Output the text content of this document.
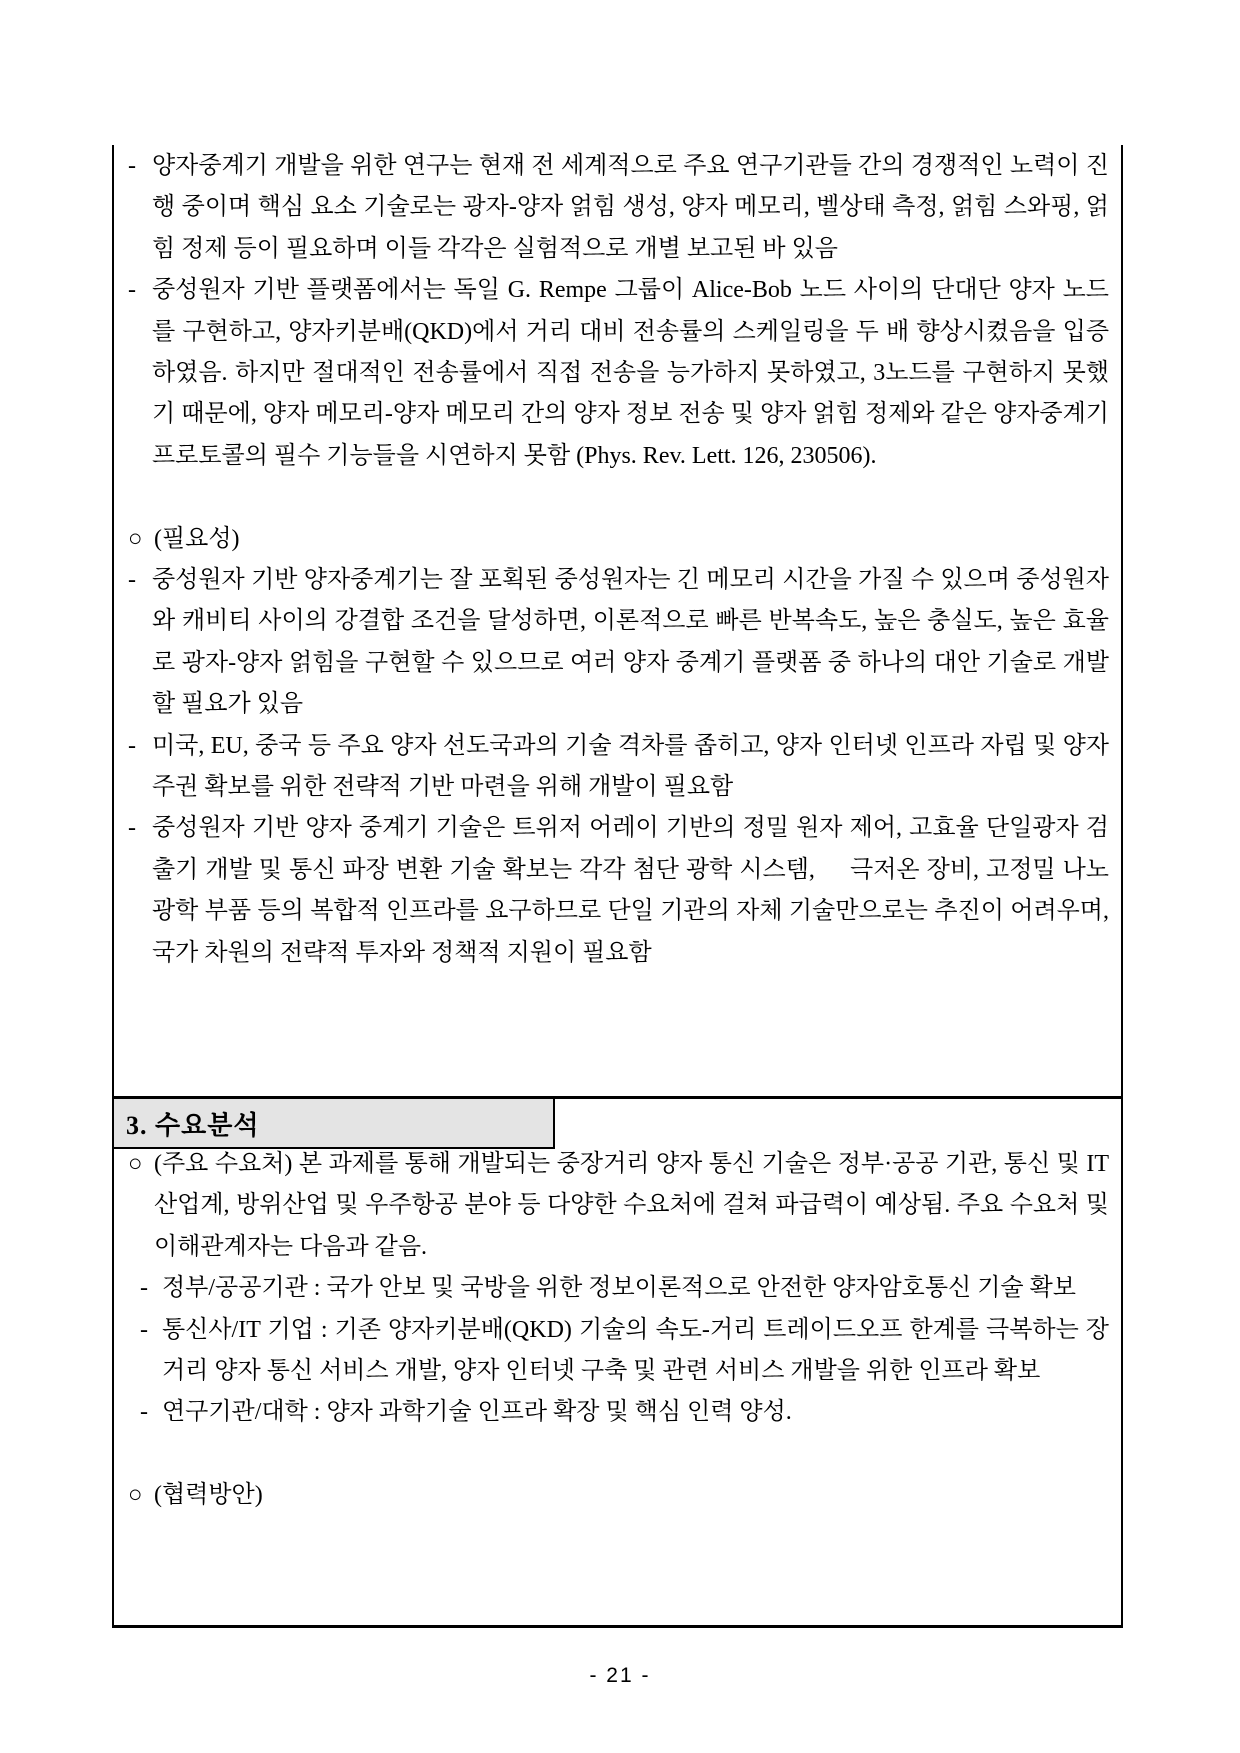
- 양자중계기 개발을 위한 연구는 현재 전 세계적으로 주요 연구기관들 간의 경쟁적인 노력이 진행 중이며 핵심 요소 기술로는 광자-양자 얽힘 생성, 양자 메모리, 벨상태 측정, 얽힘 스와핑, 얽힘 정제 등이 필요하며 이들 각각은 실험적으로 개별 보고된 바 있음

- 중성원자 기반 플랫폼에서는 독일 G. Rempe 그룹이 Alice-Bob 노드 사이의 단대단 양자 노드를 구현하고, 양자키분배(QKD)에서 거리 대비 전송률의 스케일링을 두 배 향상시켰음을 입증하였음. 하지만 절대적인 전송률에서 직접 전송을 능가하지 못하였고, 3노드를 구현하지 못했기 때문에, 양자 메모리-양자 메모리 간의 양자 정보 전송 및 양자 얽힘 정제와 같은 양자중계기 프로토콜의 필수 기능들을 시연하지 못함 (Phys. Rev. Lett. 126, 230506).

○ (필요성)

- 중성원자 기반 양자중계기는 잘 포획된 중성원자는 긴 메모리 시간을 가질 수 있으며 중성원자와 캐비티 사이의 강결합 조건을 달성하면, 이론적으로 빠른 반복속도, 높은 충실도, 높은 효율로 광자-양자 얽힘을 구현할 수 있으므로 여러 양자 중계기 플랫폼 중 하나의 대안 기술로 개발할 필요가 있음

- 미국, EU, 중국 등 주요 양자 선도국과의 기술 격차를 좁히고, 양자 인터넷 인프라 자립 및 양자 주권 확보를 위한 전략적 기반 마련을 위해 개발이 필요함

- 중성원자 기반 양자 중계기 기술은 트위저 어레이 기반의 정밀 원자 제어, 고효율 단일광자 검출기 개발 및 통신 파장 변환 기술 확보는 각각 첨단 광학 시스템,     극저온 장비, 고정밀 나노광학 부품 등의 복합적 인프라를 요구하므로 단일 기관의 자체 기술만으로는 추진이 어려우며, 국가 차원의 전략적 투자와 정책적 지원이 필요함

3. 수요분석

○ (주요 수요처) 본 과제를 통해 개발되는 중장거리 양자 통신 기술은 정부·공공 기관, 통신 및 IT 산업계, 방위산업 및 우주항공 분야 등 다양한 수요처에 걸쳐 파급력이 예상됨. 주요 수요처 및 이해관계자는 다음과 같음.

- 정부/공공기관 : 국가 안보 및 국방을 위한 정보이론적으로 안전한 양자암호통신 기술 확보

- 통신사/IT 기업 : 기존 양자키분배(QKD) 기술의 속도-거리 트레이드오프 한계를 극복하는 장거리 양자 통신 서비스 개발, 양자 인터넷 구축 및 관련 서비스 개발을 위한 인프라 확보

- 연구기관/대학 : 양자 과학기술 인프라 확장 및 핵심 인력 양성.

○ (협력방안)

- 21 -
